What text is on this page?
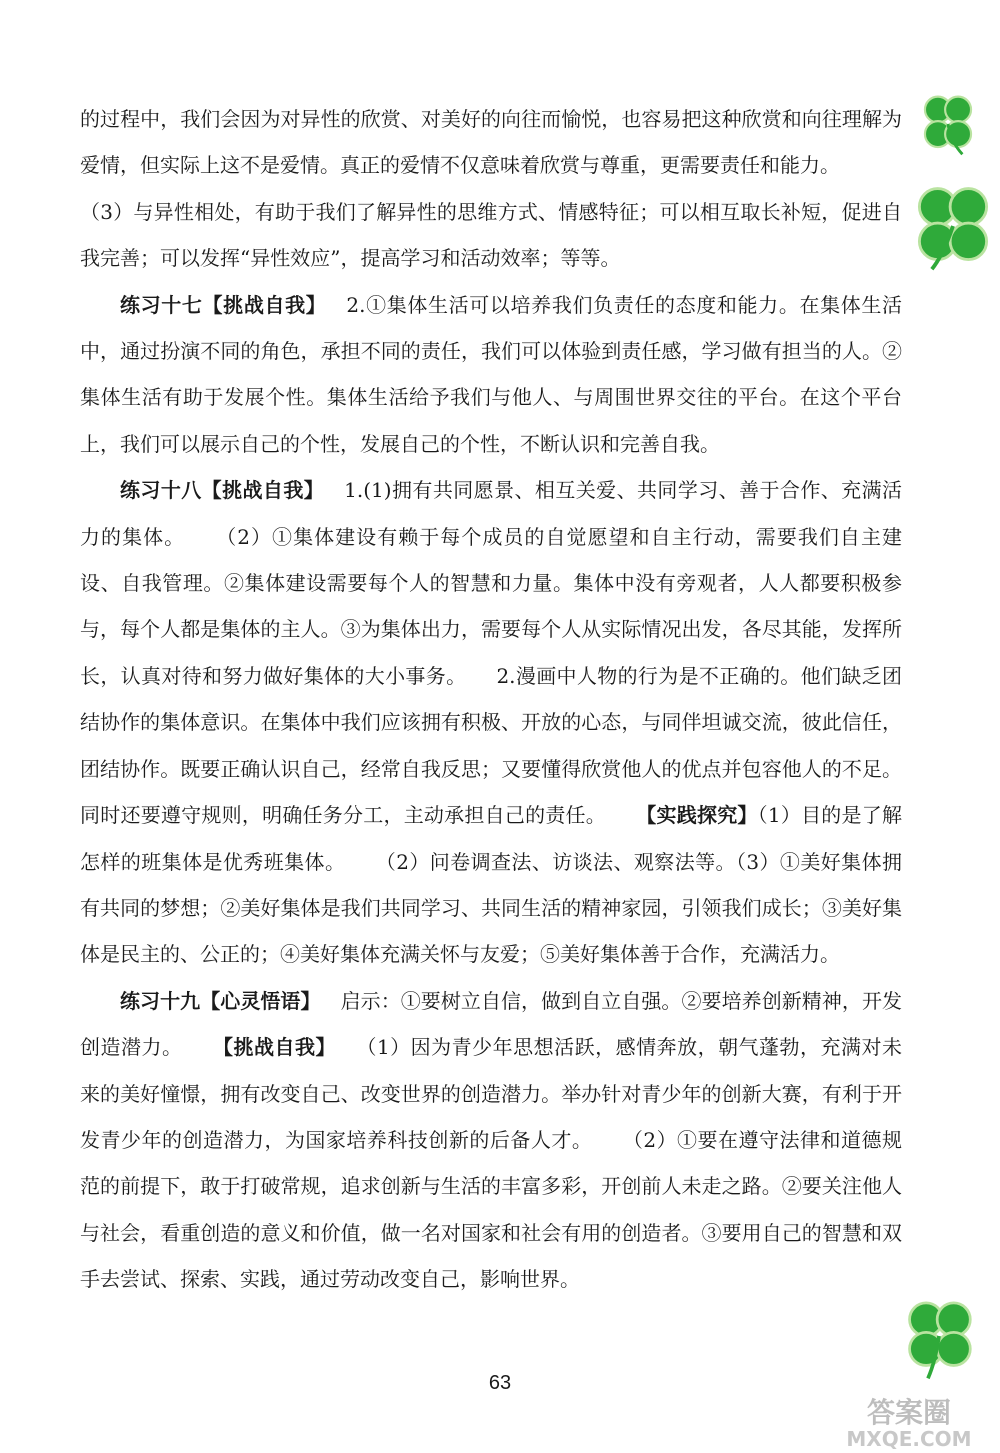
的过程中，我们会因为对异性的欣赏、对美好的向往而愉悦，也容易把这种欣赏和向往理解为爱情，但实际上这不是爱情。真正的爱情不仅意味着欣赏与尊重，更需要责任和能力。

（3）与异性相处，有助于我们了解异性的思维方式、情感特征；可以相互取长补短，促进自我完善；可以发挥“异性效应”，提高学习和活动效率；等等。

练习十七【挑战自我】 2.①集体生活可以培养我们负责任的态度和能力。在集体生活中，通过扮演不同的角色，承担不同的责任，我们可以体验到责任感，学习做有担当的人。②集体生活有助于发展个性。集体生活给予我们与他人、与周围世界交往的平台。在这个平台上，我们可以展示自己的个性，发展自己的个性，不断认识和完善自我。

练习十八【挑战自我】 1.(1)拥有共同愿景、相互关爱、共同学习、善于合作、充满活力的集体。 （2）①集体建设有赖于每个成员的自觉愿望和自主行动，需要我们自主建设、自我管理。②集体建设需要每个人的智慧和力量。集体中没有旁观者，人人都要积极参与，每个人都是集体的主人。③为集体出力，需要每个人从实际情况出发，各尽其能，发挥所长，认真对待和努力做好集体的大小事务。 2.漫画中人物的行为是不正确的。他们缺乏团结协作的集体意识。在集体中我们应该拥有积极、开放的心态，与同伴坦诚交流，彼此信任，团结协作。既要正确认识自己，经常自我反思；又要懂得欣赏他人的优点并包容他人的不足。同时还要遵守规则，明确任务分工，主动承担自己的责任。 【实践探究】（1）目的是了解怎样的班集体是优秀班集体。 （2）问卷调查法、访谈法、观察法等。（3）①美好集体拥有共同的梦想；②美好集体是我们共同学习、共同生活的精神家园，引领我们成长；③美好集体是民主的、公正的；④美好集体充满关怀与友爱；⑤美好集体善于合作，充满活力。

练习十九【心灵悟语】 启示：①要树立自信，做到自立自强。②要培养创新精神，开发创造潜力。 【挑战自我】 （1）因为青少年思想活跃，感情奔放，朝气蓬勃，充满对未来的美好憧憬，拥有改变自己、改变世界的创造潜力。举办针对青少年的创新大赛，有利于开发青少年的创造潜力，为国家培养科技创新的后备人才。 （2）①要在遵守法律和道德规范的前提下，敢于打破常规，追求创新与生活的丰富多彩，开创前人未走之路。②要关注他人与社会，看重创造的意义和价值，做一名对国家和社会有用的创造者。③要用自己的智慧和双手去尝试、探索、实践，通过劳动改变自己，影响世界。

63
答案圈
MXQE.COM
